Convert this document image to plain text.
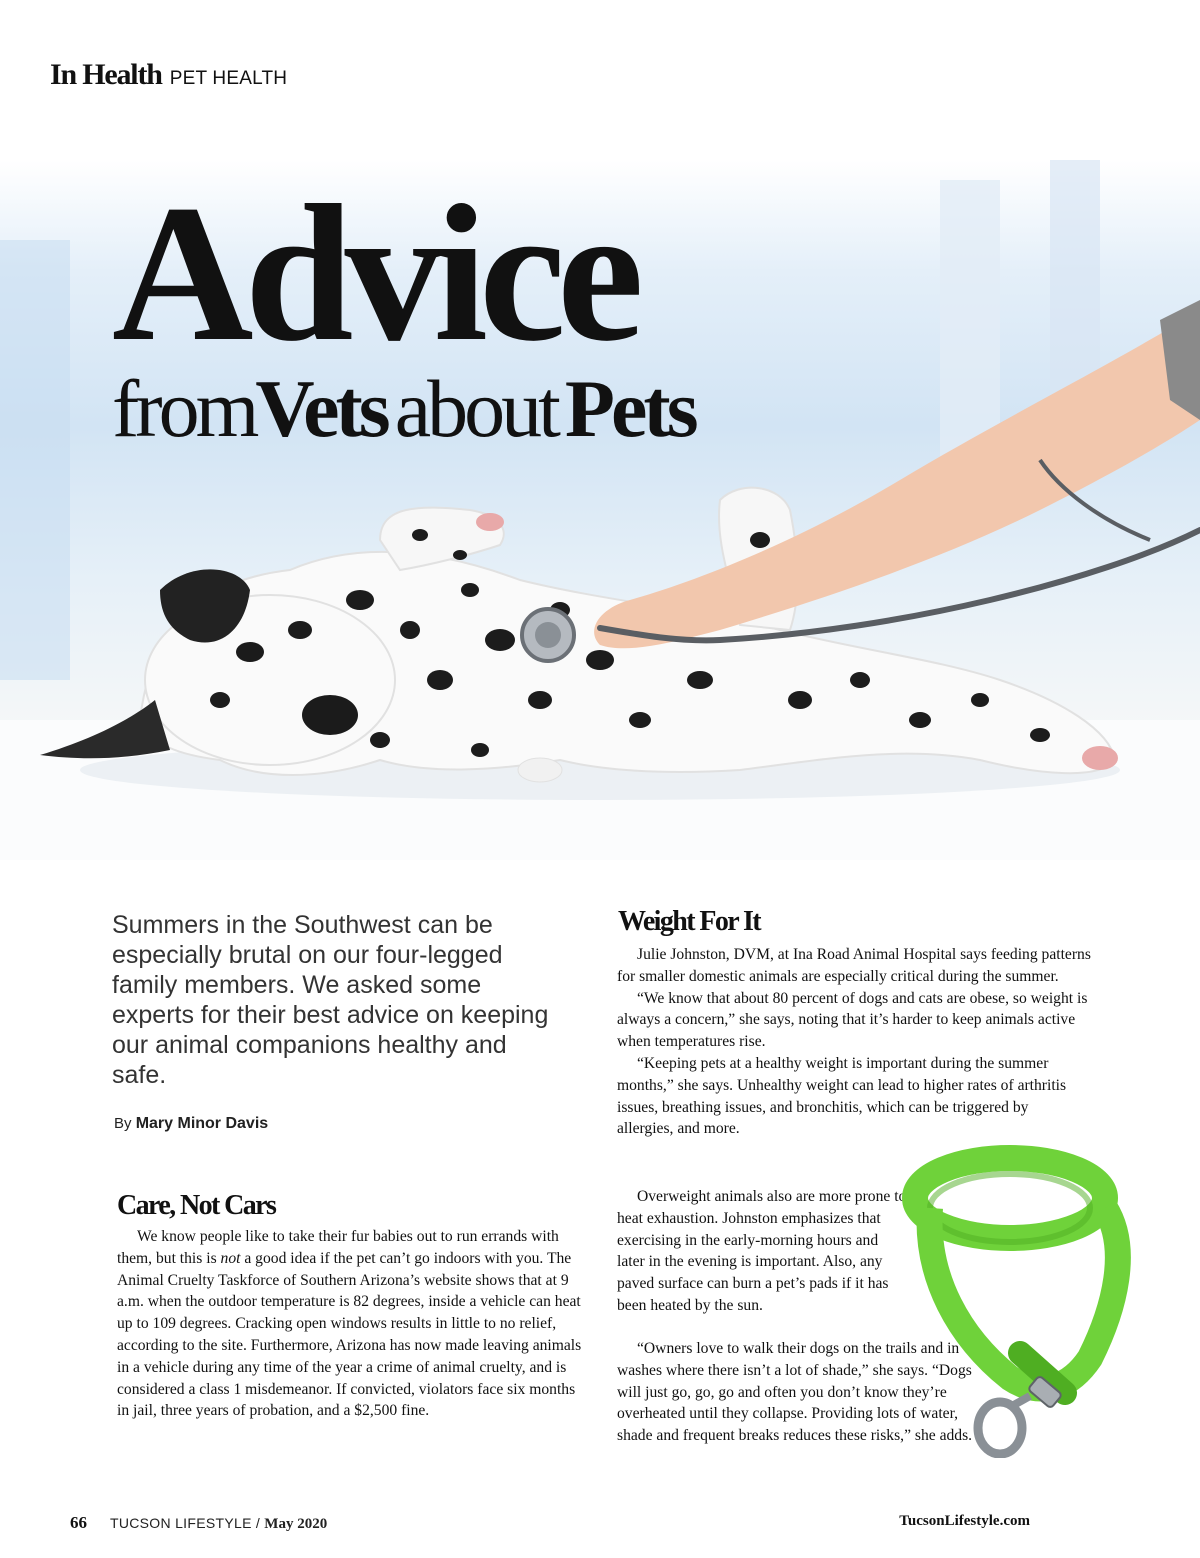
In Health PET HEALTH
Advice
fromVetsaboutPets
Summers in the Southwest can be especially brutal on our four-legged family members. We asked some experts for their best advice on keeping our animal companions healthy and safe.
By Mary Minor Davis
Care, Not Cars

We know people like to take their fur babies out to run errands with them, but this is not a good idea if the pet can’t go indoors with you. The Animal Cruelty Taskforce of Southern Arizona’s website shows that at 9 a.m. when the outdoor temperature is 82 degrees, inside a vehicle can heat up to 109 degrees. Cracking open windows results in little to no relief, according to the site. Furthermore, Arizona has now made leaving animals in a vehicle during any time of the year a crime of animal cruelty, and is considered a class 1 misdemeanor. If convicted, violators face six months in jail, three years of probation, and a $2,500 fine.

Weight For It

Julie Johnston, DVM, at Ina Road Animal Hospital says feeding patterns for smaller domestic animals are especially critical during the summer.

“We know that about 80 percent of dogs and cats are obese, so weight is always a concern,” she says, noting that it’s harder to keep animals active when temperatures rise.

“Keeping pets at a healthy weight is important during the summer months,” she says. Unhealthy weight can lead to higher rates of arthritis issues, breathing issues, and bronchitis, which can be triggered by allergies, and more.

Overweight animals also are more prone to heat exhaustion. Johnston emphasizes that exercising in the early-morning hours and later in the evening is important. Also, any paved surface can burn a pet’s pads if it has been heated by the sun.

“Owners love to walk their dogs on the trails and in washes where there isn’t a lot of shade,” she says. “Dogs will just go, go, go and often you don’t know they’re overheated until they collapse. Providing lots of water, shade and frequent breaks reduces these risks,” she adds.

66 TUCSON LIFESTYLE / May 2020	TucsonLifestyle.com
